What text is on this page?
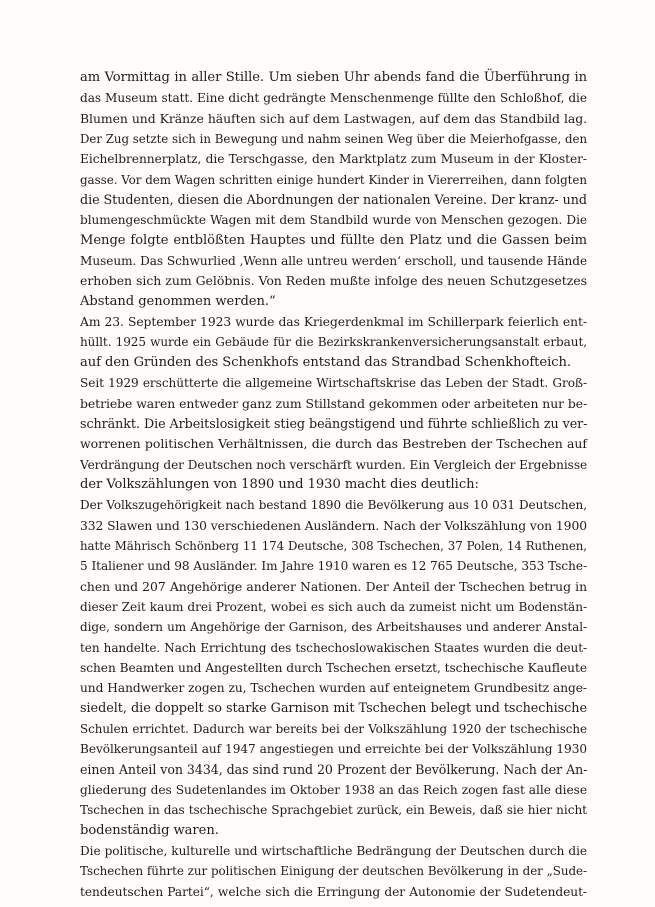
am Vormittag in aller Stille. Um sieben Uhr abends fand die Überführung in
das Museum statt. Eine dicht gedrängte Menschenmenge füllte den Schloßhof, die
Blumen und Kränze häuften sich auf dem Lastwagen, auf dem das Standbild lag.
Der Zug setzte sich in Bewegung und nahm seinen Weg über die Meierhofgasse, den
Eichelbrennerplatz, die Terschgasse, den Marktplatz zum Museum in der Kloster-
gasse. Vor dem Wagen schritten einige hundert Kinder in Viererreihen, dann folgten
die Studenten, diesen die Abordnungen der nationalen Vereine. Der kranz- und
blumengeschmückte Wagen mit dem Standbild wurde von Menschen gezogen. Die
Menge folgte entblößten Hauptes und füllte den Platz und die Gassen beim
Museum. Das Schwurlied ‚Wenn alle untreu werden‘ erscholl, und tausende Hände
erhoben sich zum Gelöbnis. Von Reden mußte infolge des neuen Schutzgesetzes
Abstand genommen werden.“
Am 23. September 1923 wurde das Kriegerdenkmal im Schillerpark feierlich ent-
hüllt. 1925 wurde ein Gebäude für die Bezirkskrankenversicherungsanstalt erbaut,
auf den Gründen des Schenkhofs entstand das Strandbad Schenkhofteich.
Seit 1929 erschütterte die allgemeine Wirtschaftskrise das Leben der Stadt. Groß-
betriebe waren entweder ganz zum Stillstand gekommen oder arbeiteten nur be-
schränkt. Die Arbeitslosigkeit stieg beängstigend und führte schließlich zu ver-
worrenen politischen Verhältnissen, die durch das Bestreben der Tschechen auf
Verdrängung der Deutschen noch verschärft wurden. Ein Vergleich der Ergebnisse
der Volkszählungen von 1890 und 1930 macht dies deutlich:
Der Volkszugehörigkeit nach bestand 1890 die Bevölkerung aus 10 031 Deutschen,
332 Slawen und 130 verschiedenen Ausländern. Nach der Volkszählung von 1900
hatte Mährisch Schönberg 11 174 Deutsche, 308 Tschechen, 37 Polen, 14 Ruthenen,
5 Italiener und 98 Ausländer. Im Jahre 1910 waren es 12 765 Deutsche, 353 Tsche-
chen und 207 Angehörige anderer Nationen. Der Anteil der Tschechen betrug in
dieser Zeit kaum drei Prozent, wobei es sich auch da zumeist nicht um Bodenstän-
dige, sondern um Angehörige der Garnison, des Arbeitshauses und anderer Anstal-
ten handelte. Nach Errichtung des tschechoslowakischen Staates wurden die deut-
schen Beamten und Angestellten durch Tschechen ersetzt, tschechische Kaufleute
und Handwerker zogen zu, Tschechen wurden auf enteignetem Grundbesitz ange-
siedelt, die doppelt so starke Garnison mit Tschechen belegt und tschechische
Schulen errichtet. Dadurch war bereits bei der Volkszählung 1920 der tschechische
Bevölkerungsanteil auf 1947 angestiegen und erreichte bei der Volkszählung 1930
einen Anteil von 3434, das sind rund 20 Prozent der Bevölkerung. Nach der An-
gliederung des Sudetenlandes im Oktober 1938 an das Reich zogen fast alle diese
Tschechen in das tschechische Sprachgebiet zurück, ein Beweis, daß sie hier nicht
bodenständig waren.
Die politische, kulturelle und wirtschaftliche Bedrängung der Deutschen durch die
Tschechen führte zur politischen Einigung der deutschen Bevölkerung in der „Sude-
tendeutschen Partei“, welche sich die Erringung der Autonomie der Sudetendeut-
